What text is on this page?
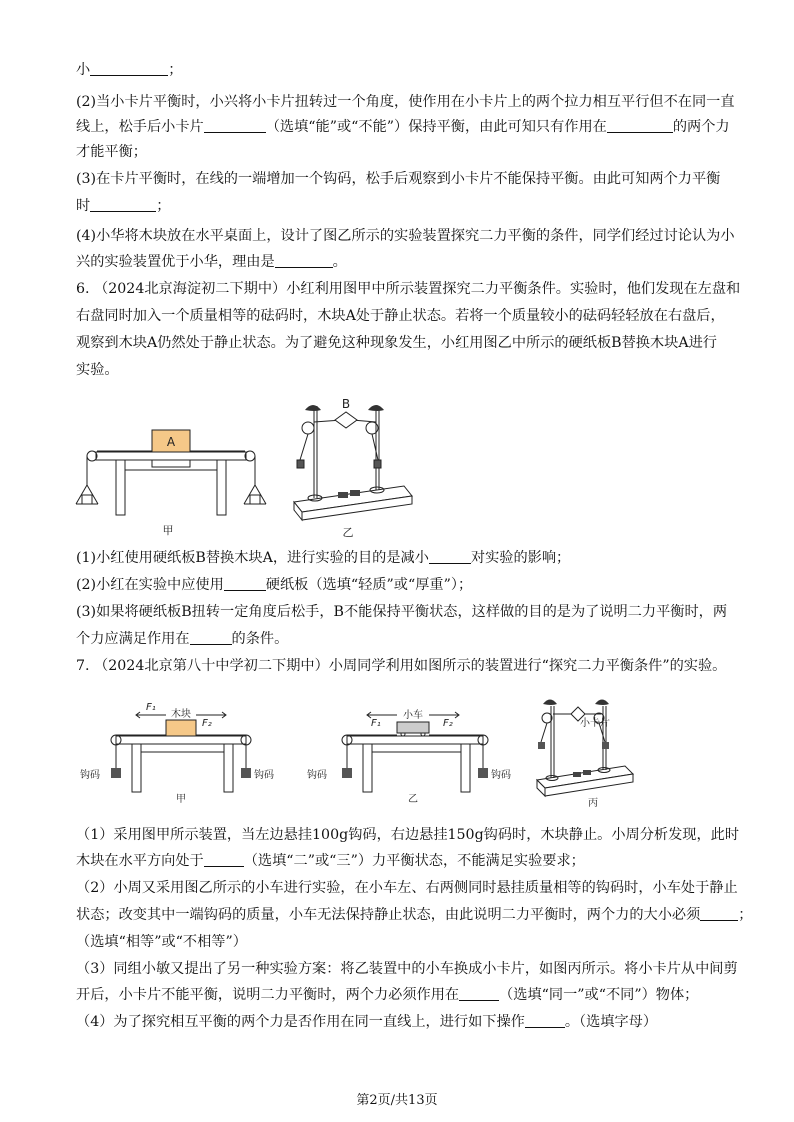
小	；
(2)当小卡片平衡时，小兴将小卡片扭转过一个角度，使作用在小卡片上的两个拉力相互平行但不在同一直
线上，松手后小卡片	（选填“能”或“不能”）保持平衡，由此可知只有作用在	的两个力
才能平衡；
(3)在卡片平衡时，在线的一端增加一个钩码，松手后观察到小卡片不能保持平衡。由此可知两个力平衡
时	；
(4)小华将木块放在水平桌面上，设计了图乙所示的实验装置探究二力平衡的条件，同学们经过讨论认为小
兴的实验装置优于小华，理由是	。
6. （2024北京海淀初二下期中）小红利用图甲中所示装置探究二力平衡条件。实验时，他们发现在左盘和
右盘同时加入一个质量相等的砝码时，木块A处于静止状态。若将一个质量较小的砝码轻轻放在右盘后，
观察到木块A仍然处于静止状态。为了避免这种现象发生，小红用图乙中所示的硬纸板B替换木块A进行
实验。
A
甲
B
乙
(1)小红使用硬纸板B替换木块A，进行实验的目的是减小	对实验的影响；
(2)小红在实验中应使用	硬纸板（选填“轻质”或“厚重”）；
(3)如果将硬纸板B扭转一定角度后松手，B不能保持平衡状态，这样做的目的是为了说明二力平衡时，两
个力应满足作用在	的条件。
7. （2024北京第八十中学初二下期中）小周同学利用如图所示的装置进行“探究二力平衡条件”的实验。
F₁
F₂
木块
钩码	钩码
甲
F₁	F₂
小车
钩码	钩码
乙
小卡片
丙
（1）采用图甲所示装置，当左边悬挂100g钩码，右边悬挂150g钩码时，木块静止。小周分析发现，此时
木块在水平方向处于	（选填“二”或“三”）力平衡状态，不能满足实验要求；
（2）小周又采用图乙所示的小车进行实验，在小车左、右两侧同时悬挂质量相等的钩码时，小车处于静止
状态；改变其中一端钩码的质量，小车无法保持静止状态，由此说明二力平衡时，两个力的大小必须	；
（选填“相等”或“不相等”）
（3）同组小敏又提出了另一种实验方案：将乙装置中的小车换成小卡片，如图丙所示。将小卡片从中间剪
开后，小卡片不能平衡，说明二力平衡时，两个力必须作用在	（选填“同一”或“不同”）物体；
（4）为了探究相互平衡的两个力是否作用在同一直线上，进行如下操作	。（选填字母）
第2页/共13页
